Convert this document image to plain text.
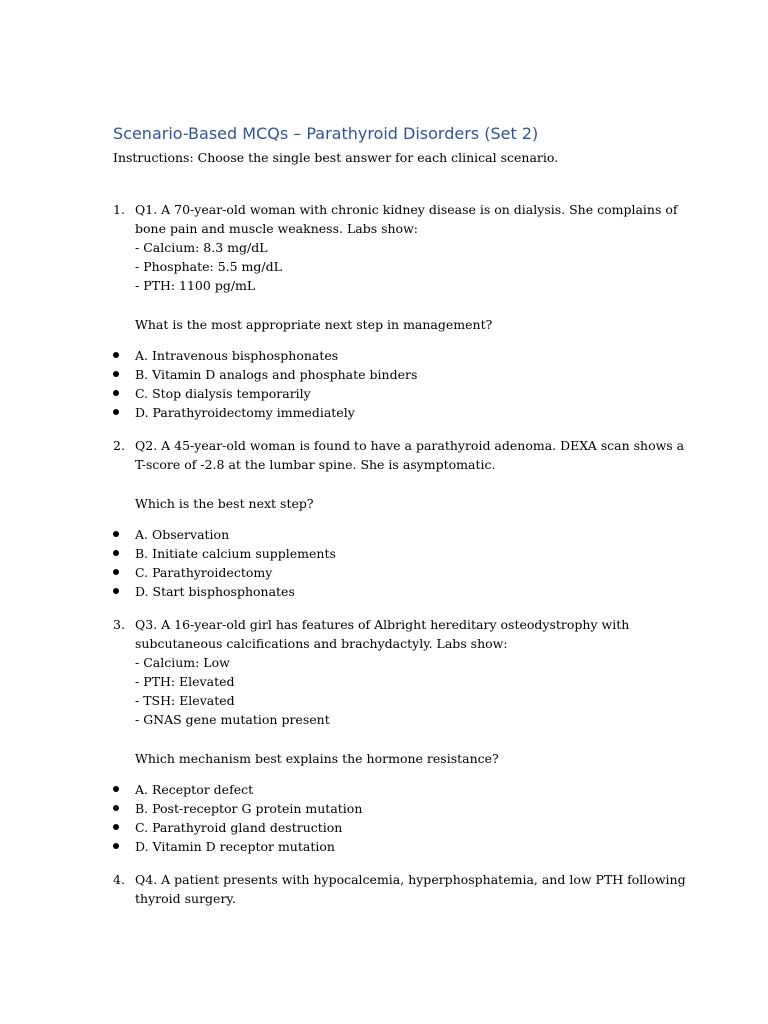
Scenario-Based MCQs – Parathyroid Disorders (Set 2)
Instructions: Choose the single best answer for each clinical scenario.
1. Q1. A 70-year-old woman with chronic kidney disease is on dialysis. She complains of
bone pain and muscle weakness. Labs show:
- Calcium: 8.3 mg/dL
- Phosphate: 5.5 mg/dL
- PTH: 1100 pg/mL
What is the most appropriate next step in management?
A. Intravenous bisphosphonates
B. Vitamin D analogs and phosphate binders
C. Stop dialysis temporarily
D. Parathyroidectomy immediately
2. Q2. A 45-year-old woman is found to have a parathyroid adenoma. DEXA scan shows a
T-score of -2.8 at the lumbar spine. She is asymptomatic.
Which is the best next step?
A. Observation
B. Initiate calcium supplements
C. Parathyroidectomy
D. Start bisphosphonates
3. Q3. A 16-year-old girl has features of Albright hereditary osteodystrophy with
subcutaneous calcifications and brachydactyly. Labs show:
- Calcium: Low
- PTH: Elevated
- TSH: Elevated
- GNAS gene mutation present
Which mechanism best explains the hormone resistance?
A. Receptor defect
B. Post-receptor G protein mutation
C. Parathyroid gland destruction
D. Vitamin D receptor mutation
4. Q4. A patient presents with hypocalcemia, hyperphosphatemia, and low PTH following
thyroid surgery.
